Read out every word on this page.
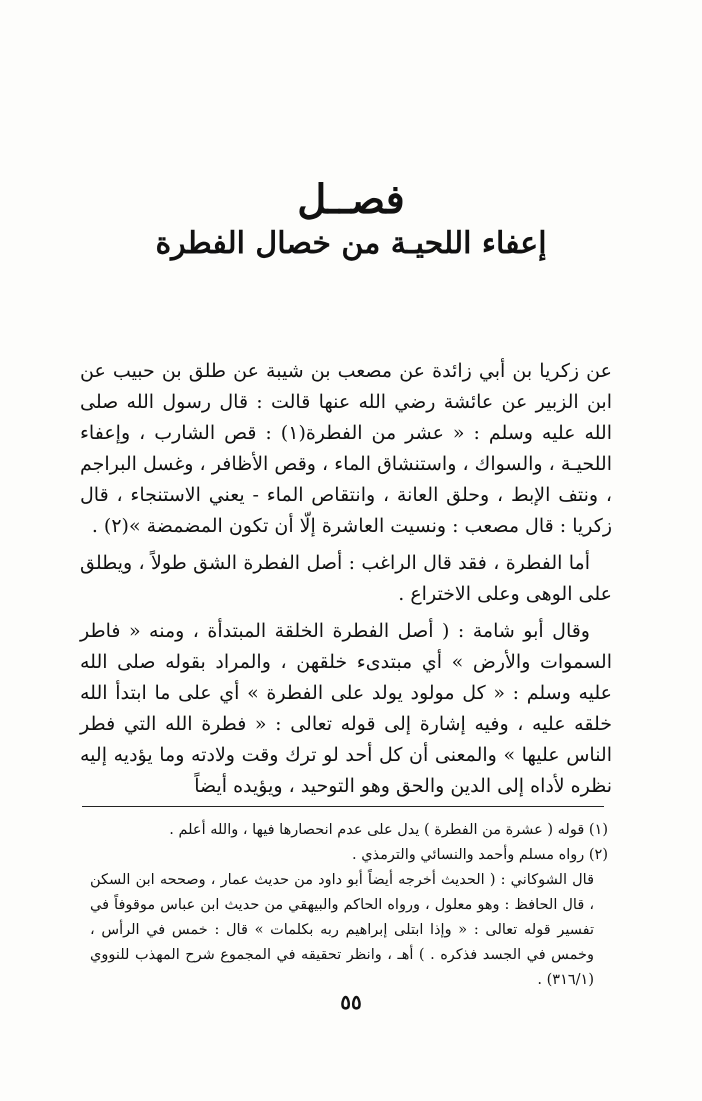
فصــل
إعفاء اللحيـة من خصال الفطرة

عن زكريا بن أبي زائدة عن مصعب بن شيبة عن طلق بن حبيب عن ابن الزبير عن عائشة رضي الله عنها قالت : قال رسول الله صلى الله عليه وسلم : « عشر من الفطرة(١) : قص الشارب ، وإعفاء اللحيـة ، والسواك ، واستنشاق الماء ، وقص الأظافر ، وغسل البراجم ، ونتف الإبط ، وحلق العانة ، وانتقاص الماء - يعني الاستنجاء ، قال زكريا : قال مصعب : ونسيت العاشرة إلّا أن تكون المضمضة »(٢) .

أما الفطرة ، فقد قال الراغب : أصل الفطرة الشق طولاً ، ويطلق على الوهى وعلى الاختراع .

وقال أبو شامة : ( أصل الفطرة الخلقة المبتدأة ، ومنه « فاطر السموات والأرض » أي مبتدىء خلقهن ، والمراد بقوله صلى الله عليه وسلم : « كل مولود يولد على الفطرة » أي على ما ابتدأ الله خلقه عليه ، وفيه إشارة إلى قوله تعالى : « فطرة الله التي فطر الناس عليها » والمعنى أن كل أحد لو ترك وقت ولادته وما يؤديه إليه نظره لأداه إلى الدين والحق وهو التوحيد ، ويؤيده أيضاً

(١) قوله ( عشرة من الفطرة ) يدل على عدم انحصارها فيها ، والله أعلم .
(٢) رواه مسلم وأحمد والنسائي والترمذي .
قال الشوكاني : ( الحديث أخرجه أيضاً أبو داود من حديث عمار ، وصححه ابن السكن ، قال الحافظ : وهو معلول ، ورواه الحاكم والبيهقي من حديث ابن عباس موقوفاً في تفسير قوله تعالى : « وإذا ابتلى إبراهيم ربه بكلمات » قال : خمس في الرأس ، وخمس في الجسد فذكره . ) أهـ ، وانظر تحقيقه في المجموع شرح المهذب للنووي (٣١٦/١) .
٥٥
